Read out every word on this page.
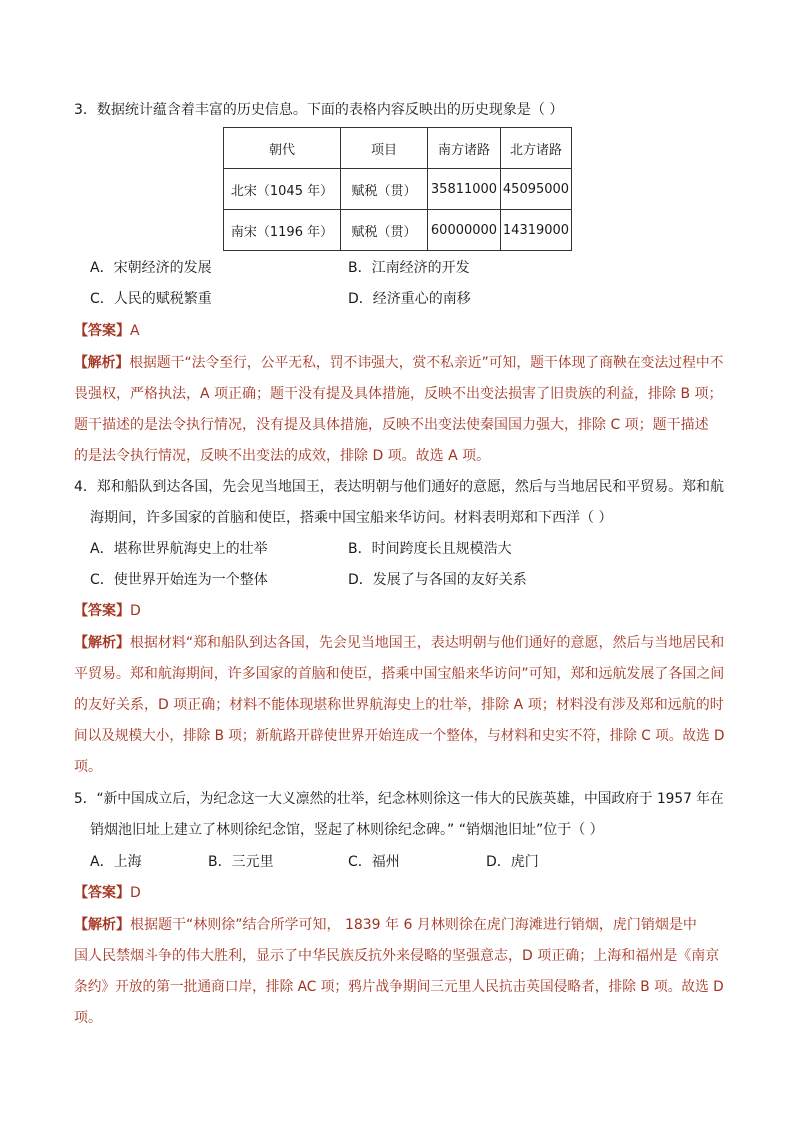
3．数据统计蕴含着丰富的历史信息。下面的表格内容反映出的历史现象是（ ）
朝代	项目	南方诸路	北方诸路
北宋（1045 年）	赋税（贯）	35811000	45095000
南宋（1196 年）	赋税（贯）	60000000	14319000
A．宋朝经济的发展	B．江南经济的开发
C．人民的赋税繁重	D．经济重心的南移
【答案】A
【解析】根据题干“法令至行，公平无私，罚不讳强大，赏不私亲近”可知，题干体现了商鞅在变法过程中不
畏强权，严格执法，A 项正确；题干没有提及具体措施，反映不出变法损害了旧贵族的利益，排除 B 项；
题干描述的是法令执行情况，没有提及具体措施，反映不出变法使秦国国力强大，排除 C 项；题干描述
的是法令执行情况，反映不出变法的成效，排除 D 项。故选 A 项。
4．郑和船队到达各国，先会见当地国王，表达明朝与他们通好的意愿，然后与当地居民和平贸易。郑和航
海期间，许多国家的首脑和使臣，搭乘中国宝船来华访问。材料表明郑和下西洋（ ）
A．堪称世界航海史上的壮举	B．时间跨度长且规模浩大
C．使世界开始连为一个整体	D．发展了与各国的友好关系
【答案】D
【解析】根据材料“郑和船队到达各国，先会见当地国王，表达明朝与他们通好的意愿，然后与当地居民和
平贸易。郑和航海期间，许多国家的首脑和使臣，搭乘中国宝船来华访问”可知，郑和远航发展了各国之间
的友好关系，D 项正确；材料不能体现堪称世界航海史上的壮举，排除 A 项；材料没有涉及郑和远航的时
间以及规模大小，排除 B 项；新航路开辟使世界开始连成一个整体，与材料和史实不符，排除 C 项。故选 D
项。
5．“新中国成立后，为纪念这一大义凛然的壮举，纪念林则徐这一伟大的民族英雄，中国政府于 1957 年在
销烟池旧址上建立了林则徐纪念馆，竖起了林则徐纪念碑。” “销烟池旧址”位于（ ）
A．上海	B．三元里	C．福州	D．虎门
【答案】D
【解析】根据题干“林则徐”结合所学可知， 1839 年 6 月林则徐在虎门海滩进行销烟，虎门销烟是中
国人民禁烟斗争的伟大胜利，显示了中华民族反抗外来侵略的坚强意志，D 项正确；上海和福州是《南京
条约》开放的第一批通商口岸，排除 AC 项；鸦片战争期间三元里人民抗击英国侵略者，排除 B 项。故选 D
项。
